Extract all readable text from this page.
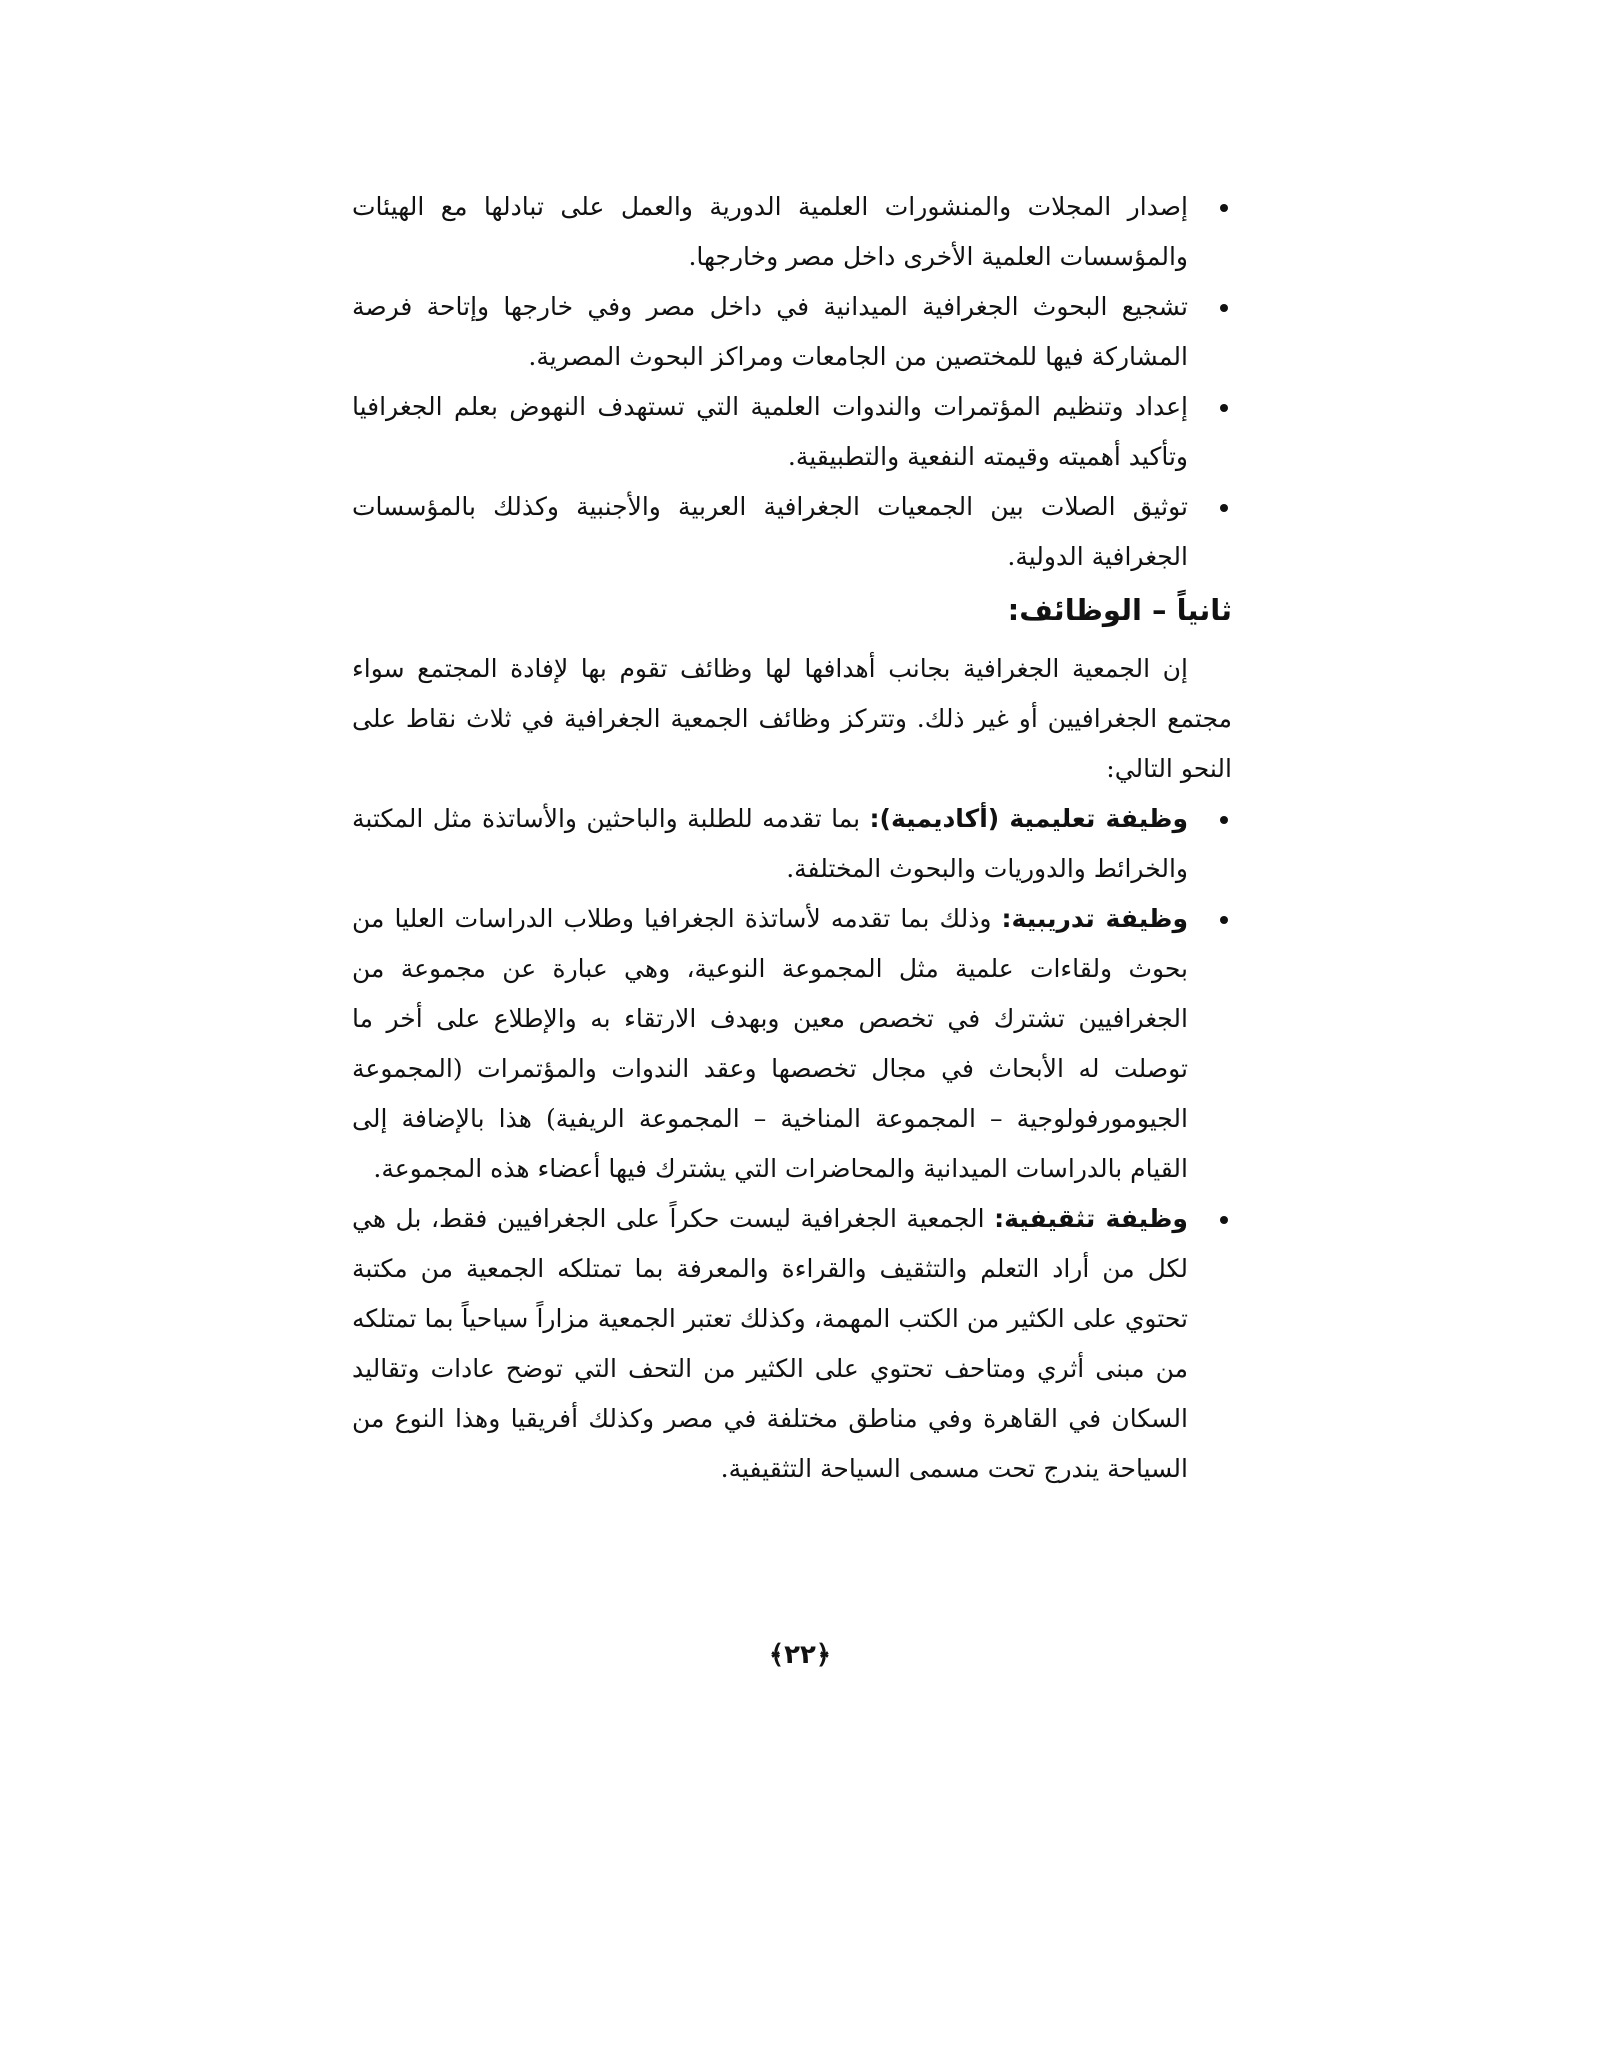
إصدار المجلات والمنشورات العلمية الدورية والعمل على تبادلها مع الهيئات والمؤسسات العلمية الأخرى داخل مصر وخارجها.
تشجيع البحوث الجغرافية الميدانية في داخل مصر وفي خارجها وإتاحة فرصة المشاركة فيها للمختصين من الجامعات ومراكز البحوث المصرية.
إعداد وتنظيم المؤتمرات والندوات العلمية التي تستهدف النهوض بعلم الجغرافيا وتأكيد أهميته وقيمته النفعية والتطبيقية.
توثيق الصلات بين الجمعيات الجغرافية العربية والأجنبية وكذلك بالمؤسسات الجغرافية الدولية.
ثانياً – الوظائف:

إن الجمعية الجغرافية بجانب أهدافها لها وظائف تقوم بها لإفادة المجتمع سواء مجتمع الجغرافيين أو غير ذلك. وتتركز وظائف الجمعية الجغرافية في ثلاث نقاط على النحو التالي:

وظيفة تعليمية (أكاديمية): بما تقدمه للطلبة والباحثين والأساتذة مثل المكتبة والخرائط والدوريات والبحوث المختلفة.
وظيفة تدريبية: وذلك بما تقدمه لأساتذة الجغرافيا وطلاب الدراسات العليا من بحوث ولقاءات علمية مثل المجموعة النوعية، وهي عبارة عن مجموعة من الجغرافيين تشترك في تخصص معين وبهدف الارتقاء به والإطلاع على أخر ما توصلت له الأبحاث في مجال تخصصها وعقد الندوات والمؤتمرات (المجموعة الجيومورفولوجية – المجموعة المناخية – المجموعة الريفية) هذا بالإضافة إلى القيام بالدراسات الميدانية والمحاضرات التي يشترك فيها أعضاء هذه المجموعة.
وظيفة تثقيفية: الجمعية الجغرافية ليست حكراً على الجغرافيين فقط، بل هي لكل من أراد التعلم والتثقيف والقراءة والمعرفة بما تمتلكه الجمعية من مكتبة تحتوي على الكثير من الكتب المهمة، وكذلك تعتبر الجمعية مزاراً سياحياً بما تمتلكه من مبنى أثري ومتاحف تحتوي على الكثير من التحف التي توضح عادات وتقاليد السكان في القاهرة وفي مناطق مختلفة في مصر وكذلك أفريقيا وهذا النوع من السياحة يندرج تحت مسمى السياحة التثقيفية.
﴿٢٢﴾
